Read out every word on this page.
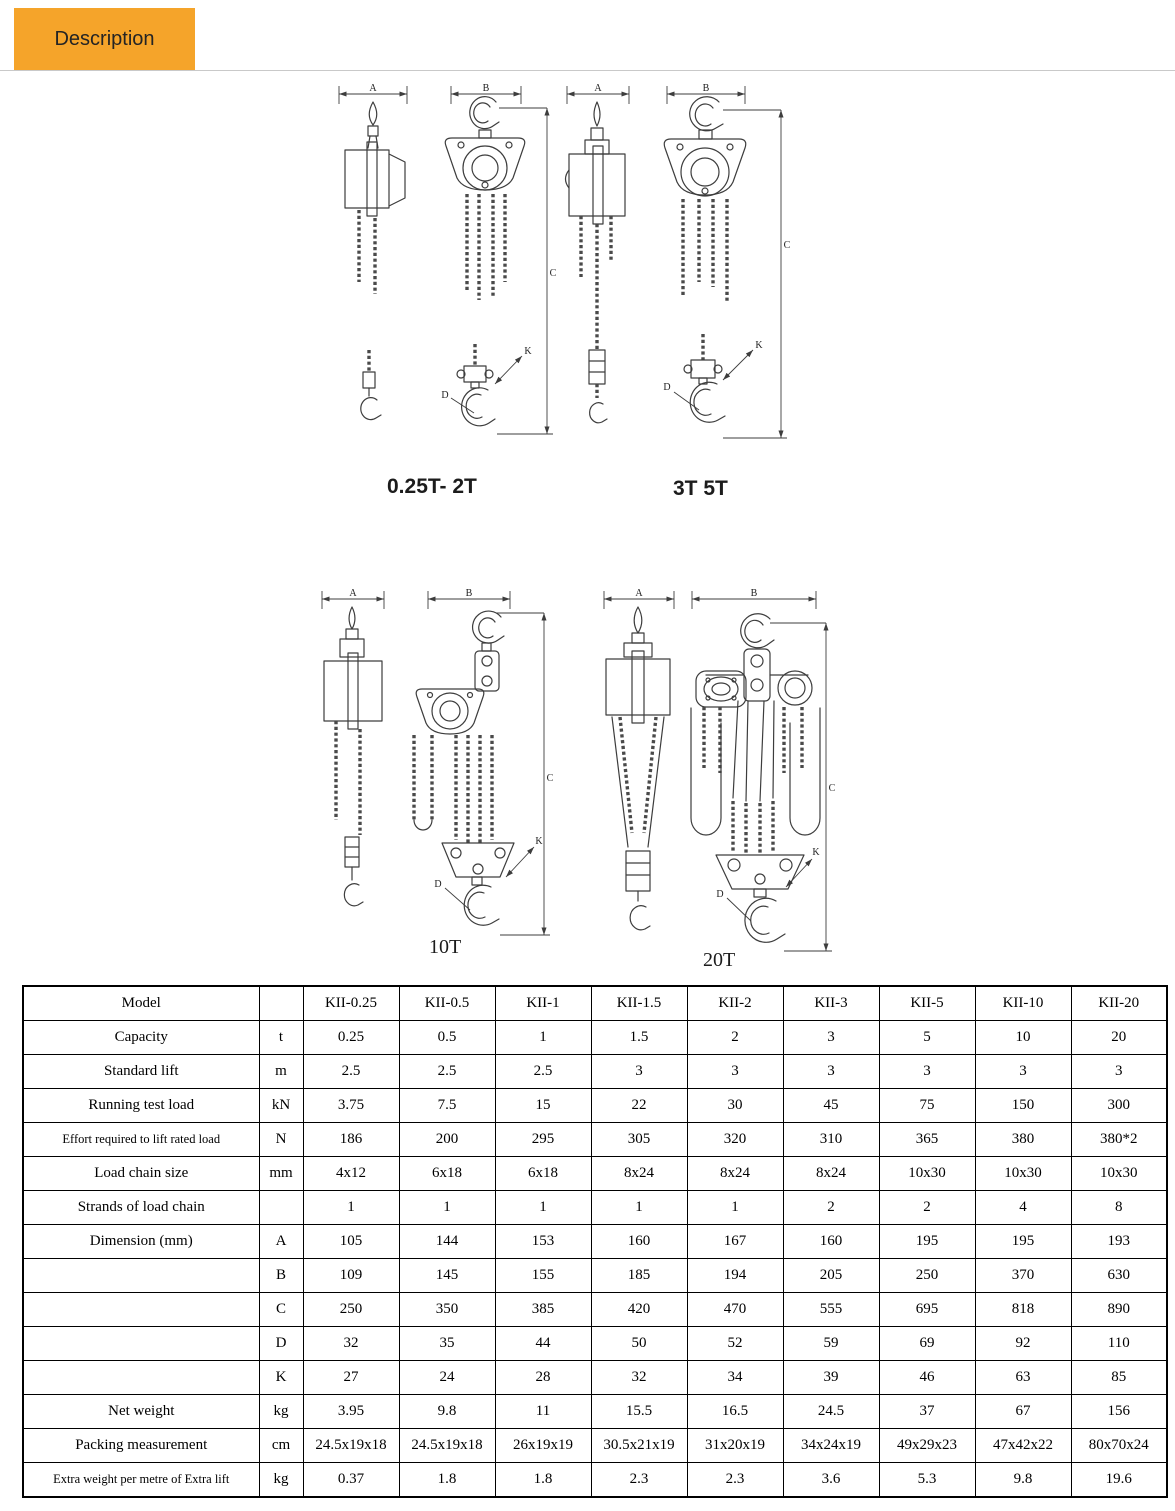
Description
A	B
C
D
K
A	B
C
D
K
A	B
C
D
K
A	B
C
D
K
0.25T- 2T	3T 5T
10T
20T
Model		KII-0.25	KII-0.5	KII-1	KII-1.5	KII-2	KII-3	KII-5	KII-10	KII-20
Capacity	t	0.25	0.5	1	1.5	2	3	5	10	20
Standard lift	m	2.5	2.5	2.5	3	3	3	3	3	3
Running test load	kN	3.75	7.5	15	22	30	45	75	150	300
Effort required to lift rated load	N	186	200	295	305	320	310	365	380	380*2
Load chain size	mm	4x12	6x18	6x18	8x24	8x24	8x24	10x30	10x30	10x30
Strands of load chain		1	1	1	1	1	2	2	4	8
Dimension (mm)	A	105	144	153	160	167	160	195	195	193
	B	109	145	155	185	194	205	250	370	630
	C	250	350	385	420	470	555	695	818	890
	D	32	35	44	50	52	59	69	92	110
	K	27	24	28	32	34	39	46	63	85
Net weight	kg	3.95	9.8	11	15.5	16.5	24.5	37	67	156
Packing measurement	cm	24.5x19x18	24.5x19x18	26x19x19	30.5x21x19	31x20x19	34x24x19	49x29x23	47x42x22	80x70x24
Extra weight per metre of Extra lift	kg	0.37	1.8	1.8	2.3	2.3	3.6	5.3	9.8	19.6
